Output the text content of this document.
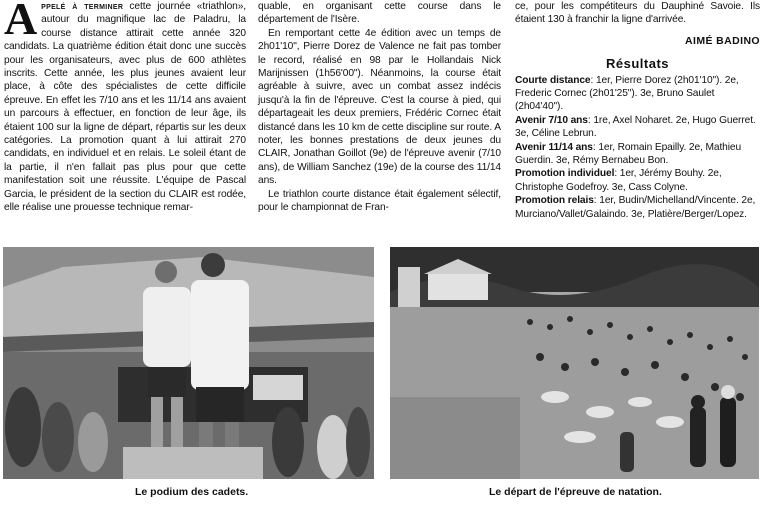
Appelé à terminer cette journée «triathlon», autour du magnifique lac de Paladru, la course distance attirait cette année 320 candidats. La quatrième édition était donc une succès pour les organisateurs, avec plus de 600 athlètes inscrits. Cette année, les plus jeunes avaient leur place, à côte des spécialistes de cette difficile épreuve. En effet les 7/10 ans et les 11/14 ans avaient un parcours à effectuer, en fonction de leur âge, ils étaient 100 sur la ligne de départ, répartis sur les deux catégories. La promotion quant à lui attirait 270 candidats, en individuel et en relais. Le soleil étant de la partie, il n'en fallait pas plus pour que cette manifestation soit une réussite. L'équipe de Pascal Garcia, le président de la section du CLAIR est rodée, elle réalise une prouesse technique remar-

quable, en organisant cette course dans le département de l'Isère.

En remportant cette 4e édition avec un temps de 2h01'10", Pierre Dorez de Valence ne fait pas tomber le record, réalisé en 98 par le Hollandais Nick Marijnissen (1h56'00"). Néanmoins, la course était agréable à suivre, avec un combat assez indécis jusqu'à la fin de l'épreuve. C'est la course à pied, qui départageait les deux premiers, Frédéric Cornec était distancé dans les 10 km de cette discipline sur route. A noter, les bonnes prestations de deux jeunes du CLAIR, Jonathan Goillot (9e) de l'épreuve avenir (7/10 ans), de William Sanchez (19e) de la course des 11/14 ans.

Le triathlon courte distance était également sélectif, pour le championnat de Fran-

ce, pour les compétiteurs du Dauphiné Savoie. Ils étaient 130 à franchir la ligne d'arrivée.

AIMÉ BADINO
Résultats

Courte distance: 1er, Pierre Dorez (2h01'10"). 2e, Frederic Cornec (2h01'25"). 3e, Bruno Saulet (2h04'40").

Avenir 7/10 ans: 1re, Axel Noharet. 2e, Hugo Guerret. 3e, Céline Lebrun.

Avenir 11/14 ans: 1er, Romain Epailly. 2e, Mathieu Guerdin. 3e, Rémy Bernabeu Bon.

Promotion individuel: 1er, Jérémy Bouhy. 2e, Christophe Godefroy. 3e, Cass Colyne.

Promotion relais: 1er, Budin/Michelland/Vincente. 2e, Murciano/Vallet/Galaindo. 3e, Platière/Berger/Lopez.

Le podium des cadets.	Le départ de l'épreuve de natation.
